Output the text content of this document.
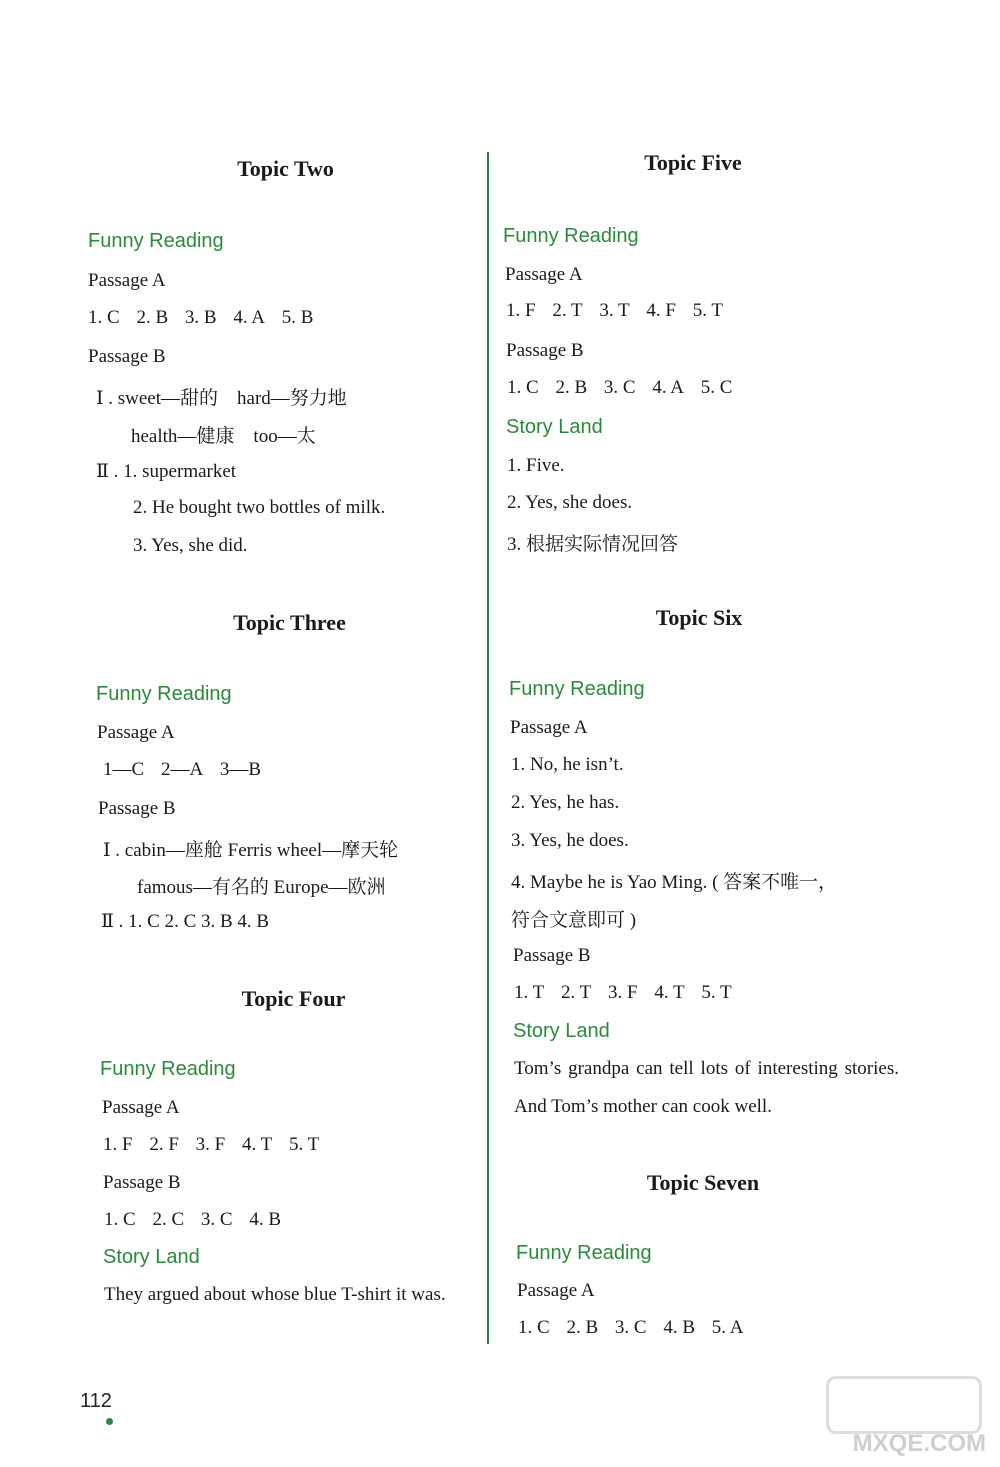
Topic Two
Funny Reading
Passage A
1. C 2. B 3. B 4. A 5. B
Passage B
Ⅰ . sweet—甜的　hard—努力地
health—健康　too—太
Ⅱ . 1. supermarket
2. He bought two bottles of milk.
3. Yes, she did.
Topic Three
Funny Reading
Passage A
1—C 2—A 3—B
Passage B
Ⅰ . cabin—座舱 Ferris wheel—摩天轮
famous—有名的 Europe—欧洲
Ⅱ . 1. C 2. C 3. B 4. B
Topic Four
Funny Reading
Passage A
1. F 2. F 3. F 4. T 5. T
Passage B
1. C 2. C 3. C 4. B
Story Land
They argued about whose blue T-shirt it was.
Topic Five
Funny Reading
Passage A
1. F 2. T 3. T 4. F 5. T
Passage B
1. C 2. B 3. C 4. A 5. C
Story Land
1. Five.
2. Yes, she does.
3. 根据实际情况回答
Topic Six
Funny Reading
Passage A
1. No, he isn’t.
2. Yes, he has.
3. Yes, he does.
4. Maybe he is Yao Ming. ( 答案不唯一，
符合文意即可 )
Passage B
1. T 2. T 3. F 4. T 5. T
Story Land
Tom’s grandpa can tell lots of interesting stories. And Tom’s mother can cook well.
Topic Seven
Funny Reading
Passage A
1. C 2. B 3. C 4. B 5. A
112
MXQE.COM
